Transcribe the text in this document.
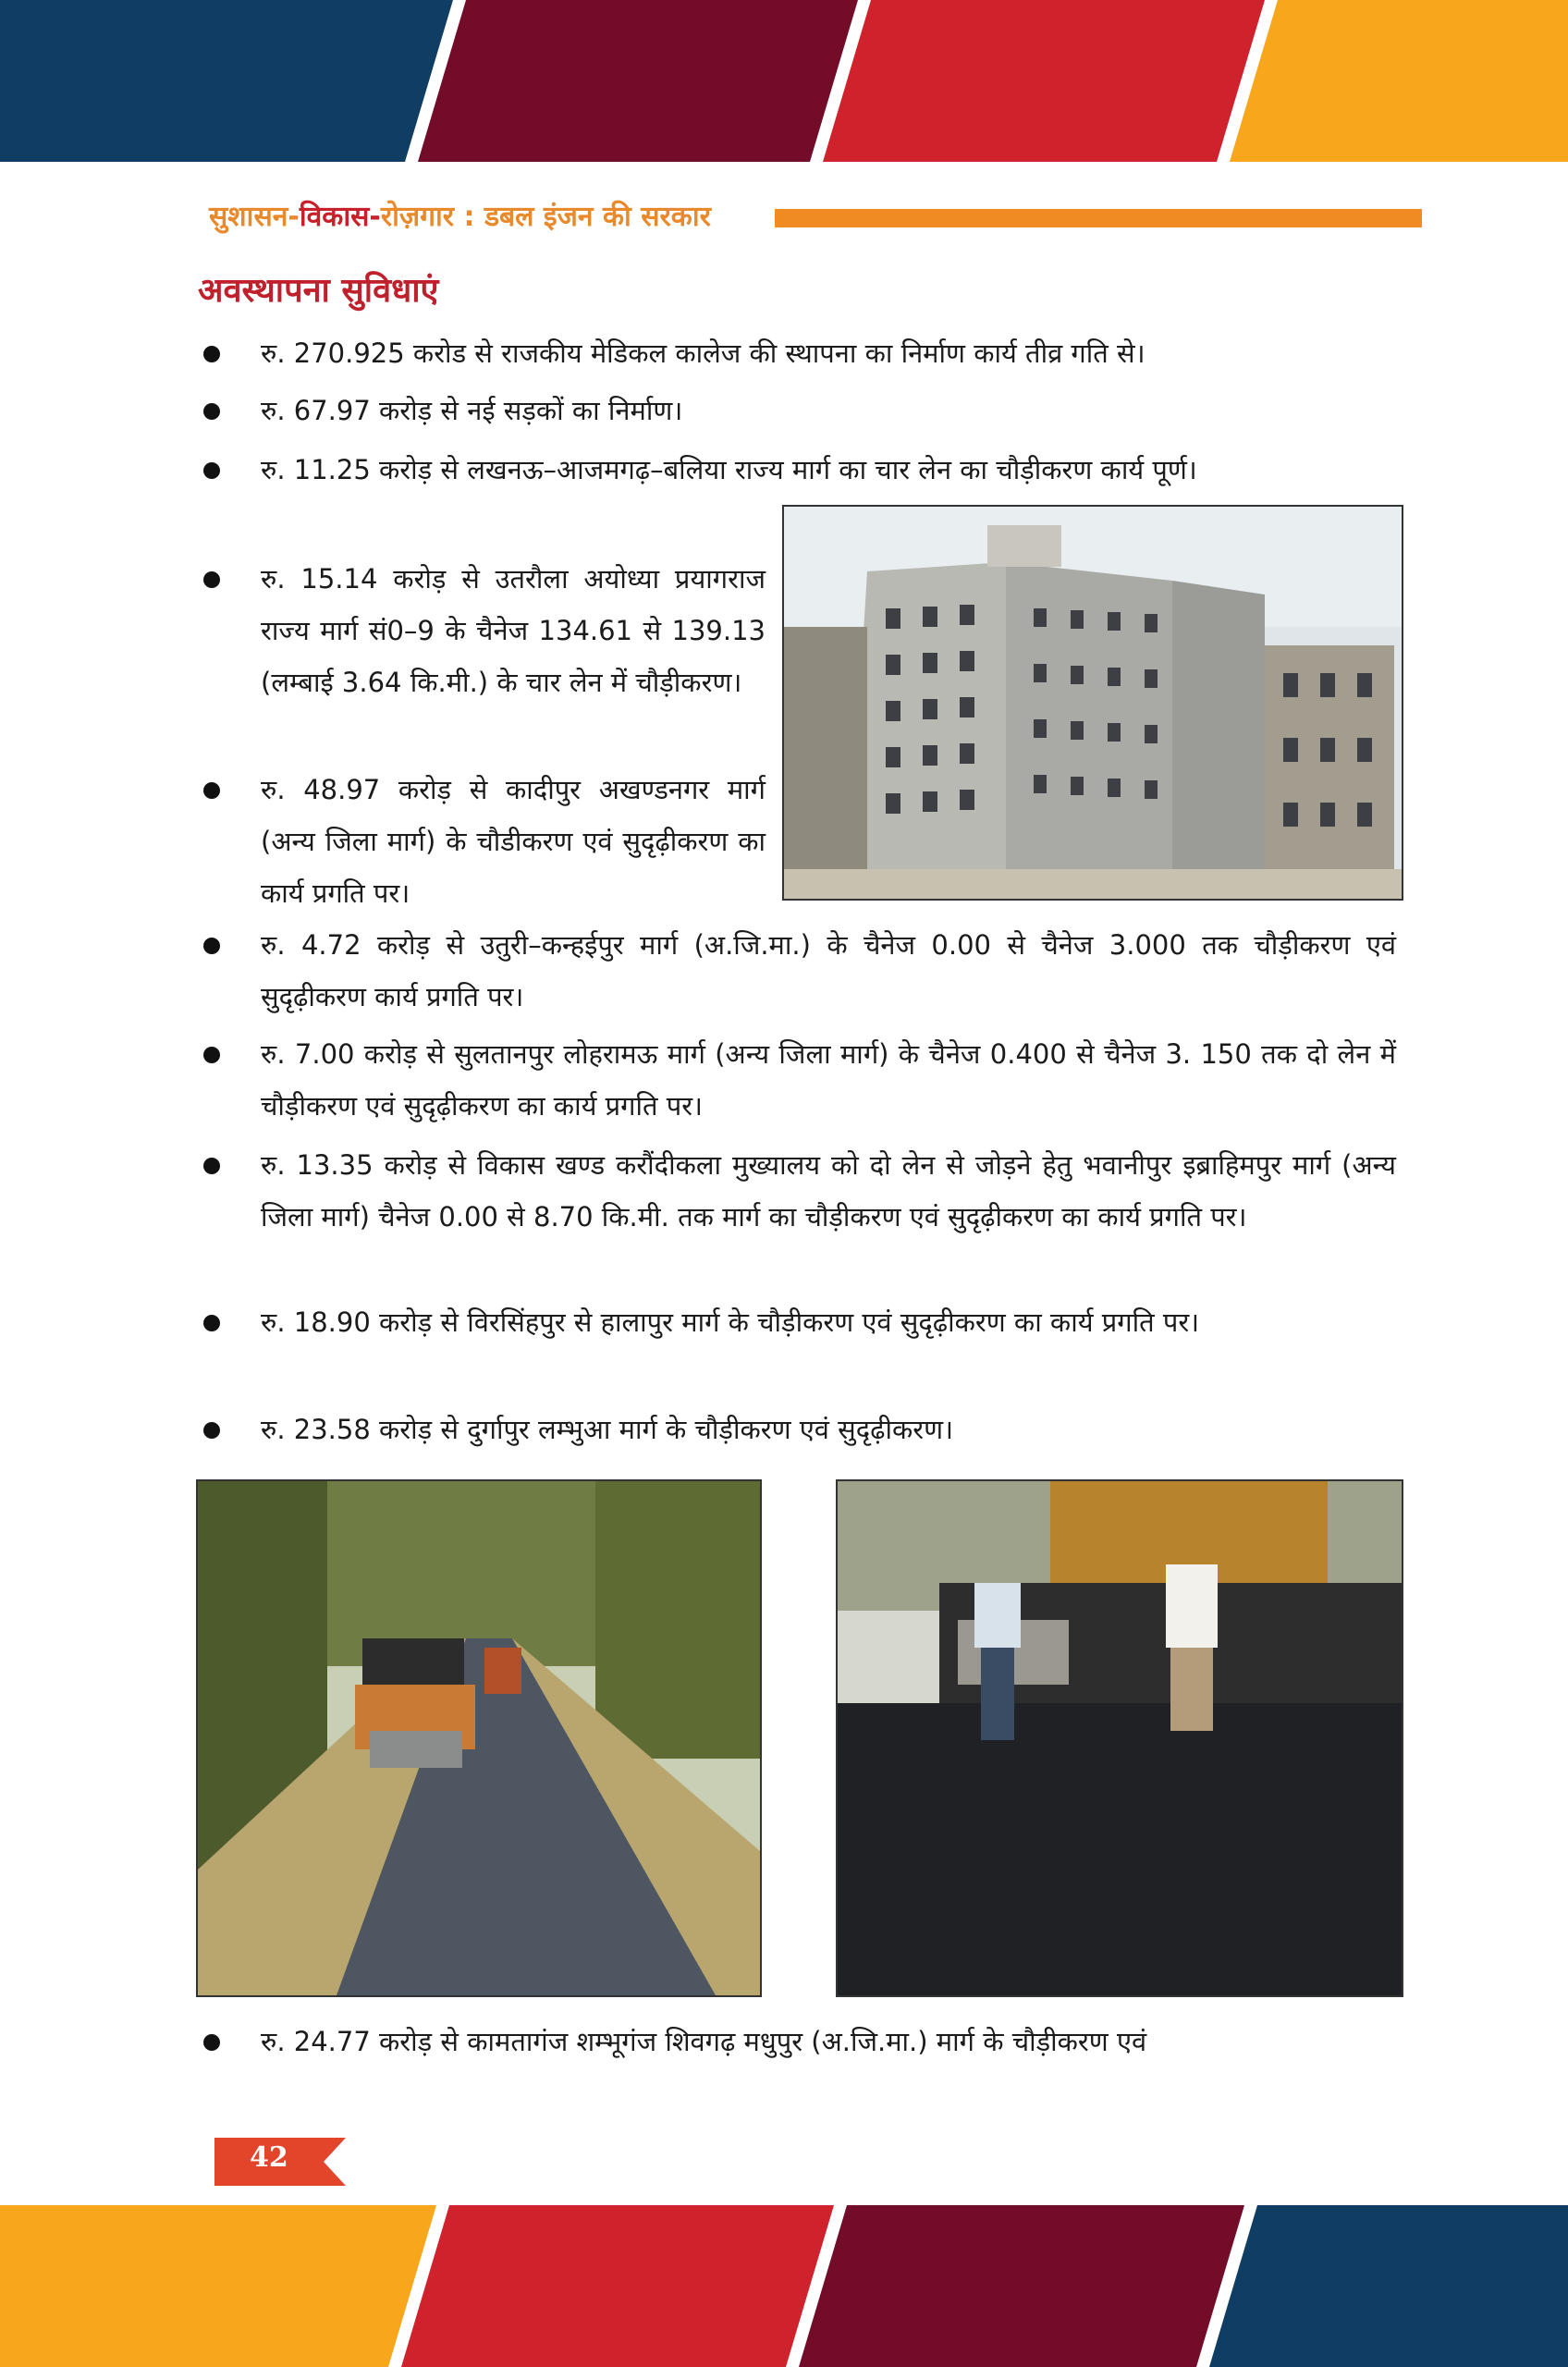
सुशासन-विकास-रोज़गार : डबल इंजन की सरकार
अवस्थापना सुविधाएं
रु. 270.925 करोड से राजकीय मेडिकल कालेज की स्थापना का निर्माण कार्य तीव्र गति से।
रु. 67.97 करोड़ से नई सड़कों का निर्माण।
रु. 11.25 करोड़ से लखनऊ–आजमगढ़–बलिया राज्य मार्ग का चार लेन का चौड़ीकरण कार्य पूर्ण।
रु. 15.14 करोड़ से उतरौला अयोध्या प्रयागराज राज्य मार्ग सं0–9 के चैनेज 134.61 से 139.13 (लम्बाई 3.64 कि.मी.) के चार लेन में चौड़ीकरण।
रु. 48.97 करोड़ से कादीपुर अखण्डनगर मार्ग (अन्य जिला मार्ग) के चौडीकरण एवं सुदृढ़ीकरण का कार्य प्रगति पर।
रु. 4.72 करोड़ से उतुरी–कन्हईपुर मार्ग (अ.जि.मा.) के चैनेज 0.00 से चैनेज 3.000 तक चौड़ीकरण एवं सुदृढ़ीकरण कार्य प्रगति पर।
रु. 7.00 करोड़ से सुलतानपुर लोहरामऊ मार्ग (अन्य जिला मार्ग) के चैनेज 0.400 से चैनेज 3. 150 तक दो लेन में चौड़ीकरण एवं सुदृढ़ीकरण का कार्य प्रगति पर।
रु. 13.35 करोड़ से विकास खण्ड करौंदीकला मुख्यालय को दो लेन से जोड़ने हेतु भवानीपुर इब्राहिमपुर मार्ग (अन्य जिला मार्ग) चैनेज 0.00 से 8.70 कि.मी. तक मार्ग का चौड़ीकरण एवं सुदृढ़ीकरण का कार्य प्रगति पर।
रु. 18.90 करोड़ से विरसिंहपुर से हालापुर मार्ग के चौड़ीकरण एवं सुदृढ़ीकरण का कार्य प्रगति पर।
रु. 23.58 करोड़ से दुर्गापुर लम्भुआ मार्ग के चौड़ीकरण एवं सुदृढ़ीकरण।
रु. 24.77 करोड़ से कामतागंज शम्भूगंज शिवगढ़ मधुपुर (अ.जि.मा.) मार्ग के चौड़ीकरण एवं
42
